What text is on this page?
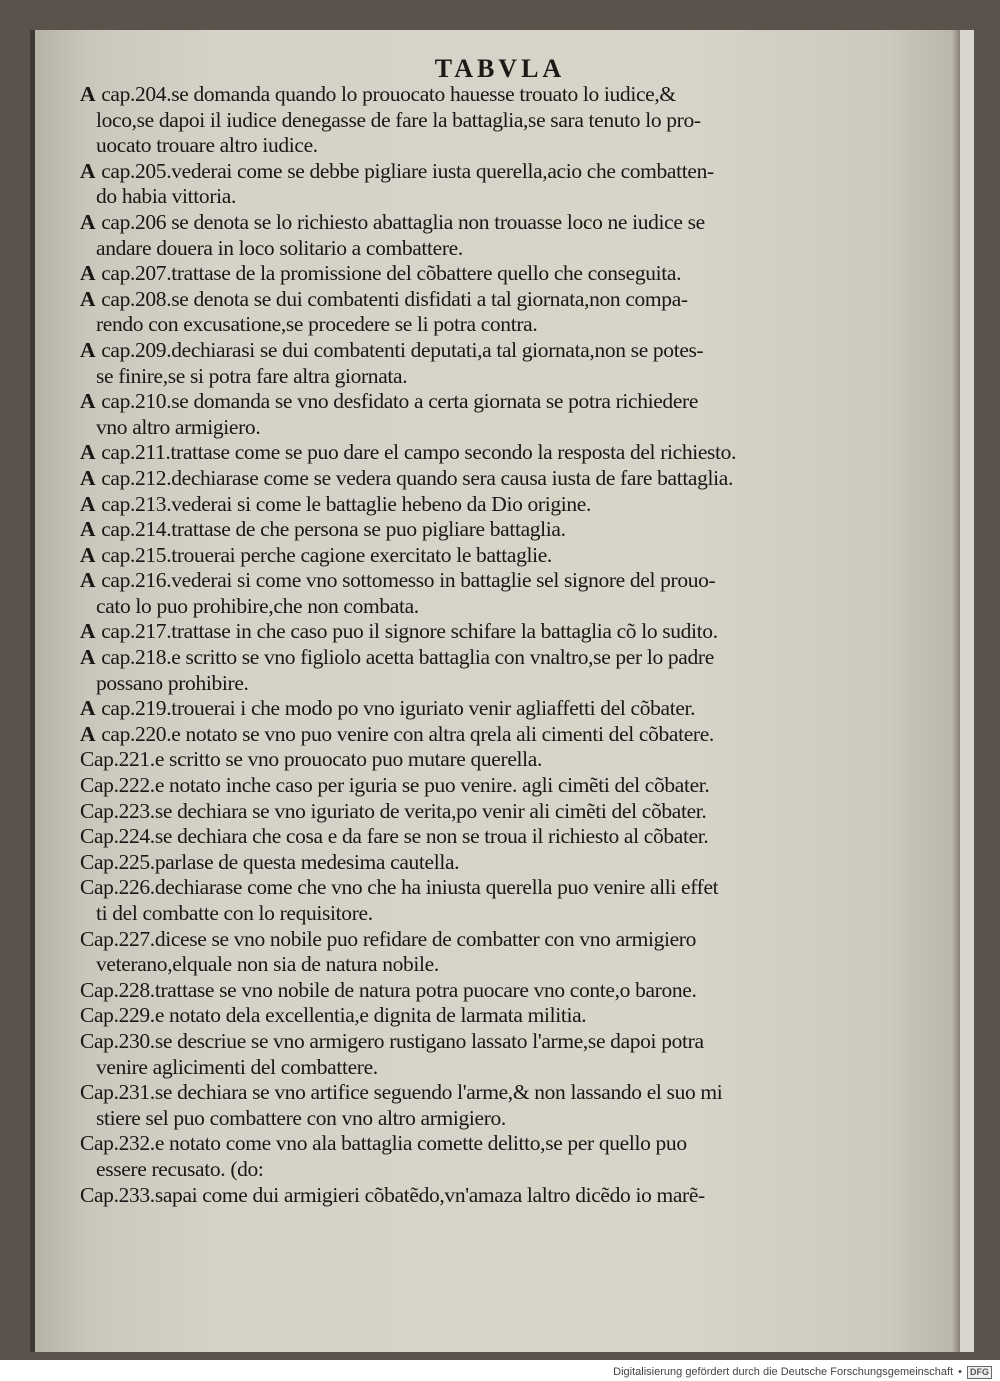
TABVLA
A cap.204.se domanda quando lo prouocato hauesse trouato lo iudice,&
loco,se dapoi il iudice denegasse de fare la battaglia,se sara tenuto lo pro-
uocato trouare altro iudice.
A cap.205.vederai come se debbe pigliare iusta querella,acio che combatten-
do habia vittoria.
A cap.206 se denota se lo richiesto abattaglia non trouasse loco ne iudice se
andare douera in loco solitario a combattere.
A cap.207.trattase de la promissione del cõbattere quello che conseguita.
A cap.208.se denota se dui combatenti disfidati a tal giornata,non compa-
rendo con excusatione,se procedere se li potra contra.
A cap.209.dechiarasi se dui combatenti deputati,a tal giornata,non se potes-
se finire,se si potra fare altra giornata.
A cap.210.se domanda se vno desfidato a certa giornata se potra richiedere
vno altro armigiero.
A cap.211.trattase come se puo dare el campo secondo la resposta del richiesto.
A cap.212.dechiarase come se vedera quando sera causa iusta de fare battaglia.
A cap.213.vederai si come le battaglie hebeno da Dio origine.
A cap.214.trattase de che persona se puo pigliare battaglia.
A cap.215.trouerai perche cagione exercitato le battaglie.
A cap.216.vederai si come vno sottomesso in battaglie sel signore del prouo-
cato lo puo prohibire,che non combata.
A cap.217.trattase in che caso puo il signore schifare la battaglia cõ lo sudito.
A cap.218.e scritto se vno figliolo acetta battaglia con vnaltro,se per lo padre
possano prohibire.
A cap.219.trouerai i che modo po vno iguriato venir agliaffetti del cõbater.
A cap.220.e notato se vno puo venire con altra qrela ali cimenti del cõbatere.
Cap.221.e scritto se vno prouocato puo mutare querella.
Cap.222.e notato inche caso per iguria se puo venire. agli cimẽti del cõbater.
Cap.223.se dechiara se vno iguriato de verita,po venir ali cimẽti del cõbater.
Cap.224.se dechiara che cosa e da fare se non se troua il richiesto al cõbater.
Cap.225.parlase de questa medesima cautella.
Cap.226.dechiarase come che vno che ha iniusta querella puo venire alli effet
ti del combatte con lo requisitore.
Cap.227.dicese se vno nobile puo refidare de combatter con vno armigiero
veterano,elquale non sia de natura nobile.
Cap.228.trattase se vno nobile de natura potra puocare vno conte,o barone.
Cap.229.e notato dela excellentia,e dignita de larmata militia.
Cap.230.se descriue se vno armigero rustigano lassato l'arme,se dapoi potra
venire aglicimenti del combattere.
Cap.231.se dechiara se vno artifice seguendo l'arme,& non lassando el suo mi
stiere sel puo combattere con vno altro armigiero.
Cap.232.e notato come vno ala battaglia comette delitto,se per quello puo
essere recusato. (do:
Cap.233.sapai come dui armigieri cõbatẽdo,vn'amaza laltro dicẽdo io marẽ-
Digitalisierung gefördert durch die Deutsche Forschungsgemeinschaft • DFG
